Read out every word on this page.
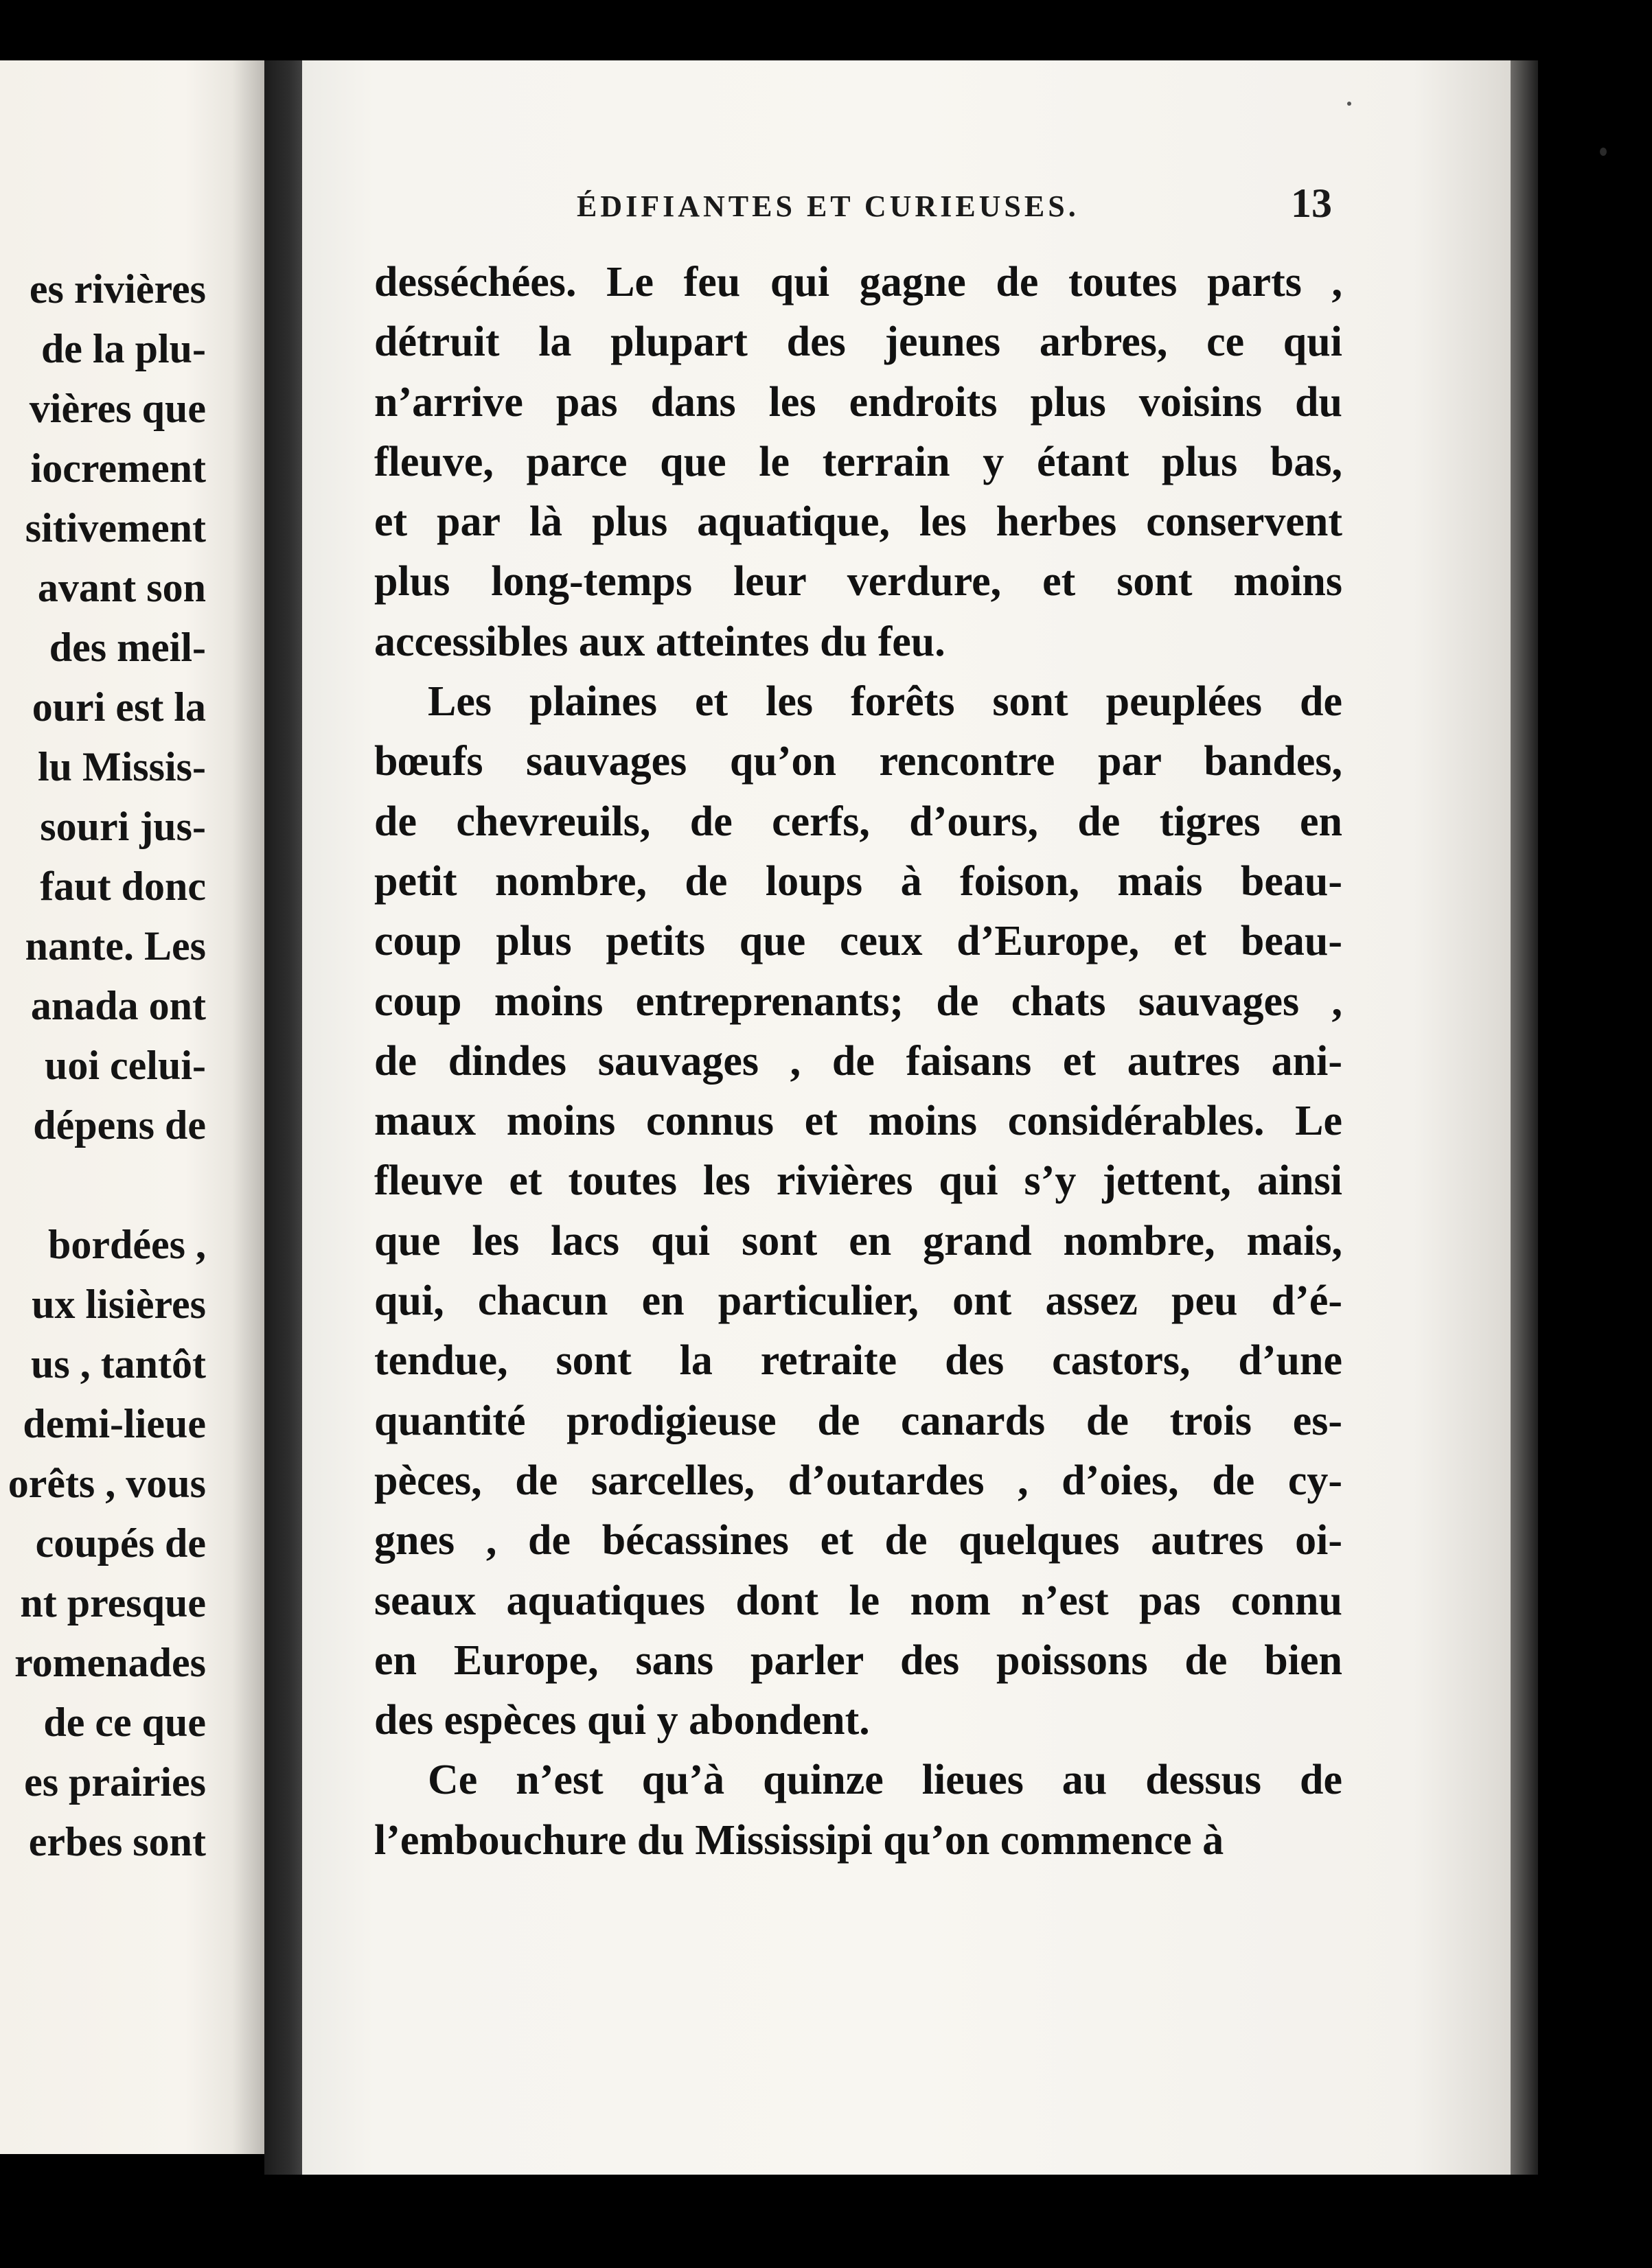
es rivières
de la plu-
vières que
iocrement
sitivement
avant son
des meil-
ouri est la
lu Missis-
souri jus-
faut donc
nante. Les
anada ont
uoi celui-
dépens de
bordées ,
ux lisières
us , tantôt
demi-lieue
orêts , vous
coupés de
nt presque
romenades
de ce que
es prairies
erbes sont
ÉDIFIANTES ET CURIEUSES.	13
desséchées. Le feu qui gagne de toutes parts ,
détruit la plupart des jeunes arbres, ce qui
n’arrive pas dans les endroits plus voisins du
fleuve, parce que le terrain y étant plus bas,
et par là plus aquatique, les herbes conservent
plus long-temps leur verdure, et sont moins
accessibles aux atteintes du feu.
Les plaines et les forêts sont peuplées de
bœufs sauvages qu’on rencontre par bandes,
de chevreuils, de cerfs, d’ours, de tigres en
petit nombre, de loups à foison, mais beau-
coup plus petits que ceux d’Europe, et beau-
coup moins entreprenants; de chats sauvages ,
de dindes sauvages , de faisans et autres ani-
maux moins connus et moins considérables. Le
fleuve et toutes les rivières qui s’y jettent, ainsi
que les lacs qui sont en grand nombre, mais,
qui, chacun en particulier, ont assez peu d’é-
tendue, sont la retraite des castors, d’une
quantité prodigieuse de canards de trois es-
pèces, de sarcelles, d’outardes , d’oies, de cy-
gnes , de bécassines et de quelques autres oi-
seaux aquatiques dont le nom n’est pas connu
en Europe, sans parler des poissons de bien
des espèces qui y abondent.
Ce n’est qu’à quinze lieues au dessus de
l’embouchure du Mississipi qu’on commence à
